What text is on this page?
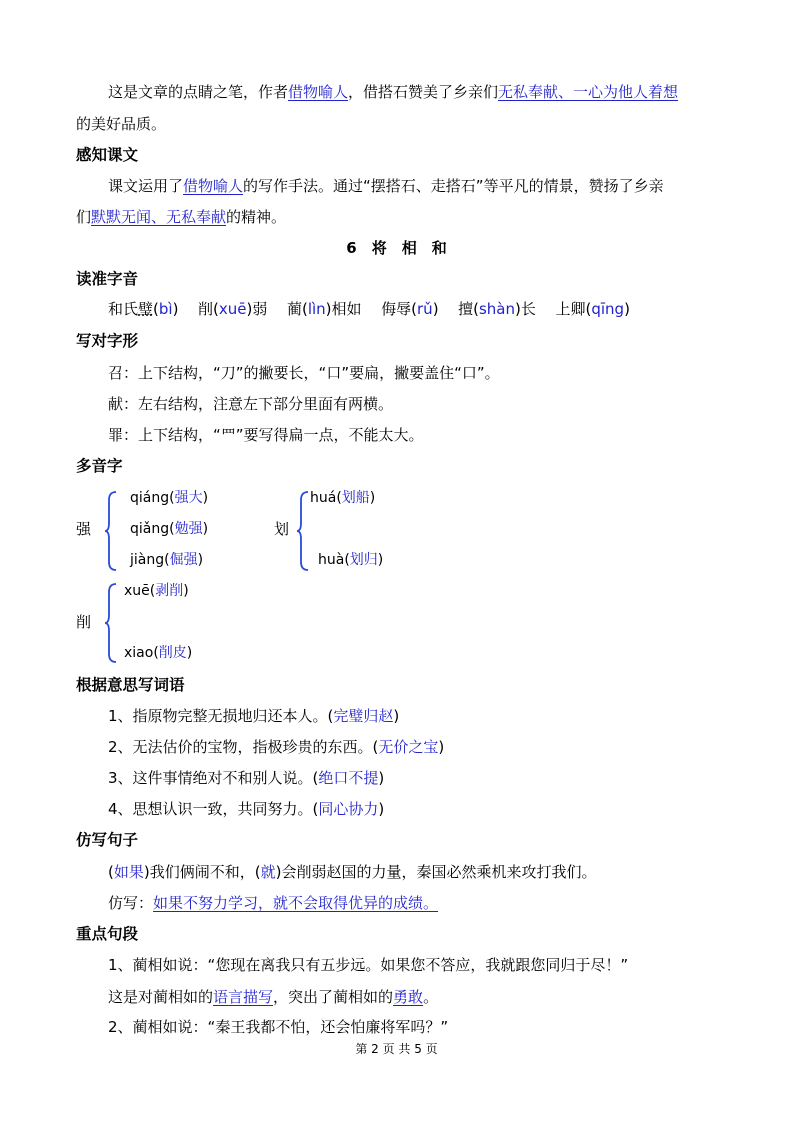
这是文章的点睛之笔，作者借物喻人，借搭石赞美了乡亲们无私奉献、一心为他人着想
的美好品质。
感知课文
课文运用了借物喻人的写作手法。通过“摆搭石、走搭石”等平凡的情景，赞扬了乡亲
们默默无闻、无私奉献的精神。
6　将　相　和
读准字音
和氏璧(bì) 削(xuē)弱 蔺(lìn)相如 侮辱(rǔ) 擅(shàn)长 上卿(qīng)
写对字形
召：上下结构，“刀”的撇要长，“口”要扁，撇要盖住“口”。
献：左右结构，注意左下部分里面有两横。
罪：上下结构，“罒”要写得扁一点，不能太大。
多音字
强
qiáng(强大)
qiǎng(勉强)
jiàng(倔强)
划
huá(划船)
huà(划归)
削
xuē(剥削)
xiao(削皮)
根据意思写词语
1、指原物完整无损地归还本人。(完璧归赵)
2、无法估价的宝物，指极珍贵的东西。(无价之宝)
3、这件事情绝对不和别人说。(绝口不提)
4、思想认识一致，共同努力。(同心协力)
仿写句子
(如果)我们俩闹不和，(就)会削弱赵国的力量，秦国必然乘机来攻打我们。
仿写：如果不努力学习，就不会取得优异的成绩。
重点句段
1、蔺相如说：“您现在离我只有五步远。如果您不答应，我就跟您同归于尽！”
这是对蔺相如的语言描写，突出了蔺相如的勇敢。
2、蔺相如说：“秦王我都不怕，还会怕廉将军吗？”
第 2 页 共 5 页
